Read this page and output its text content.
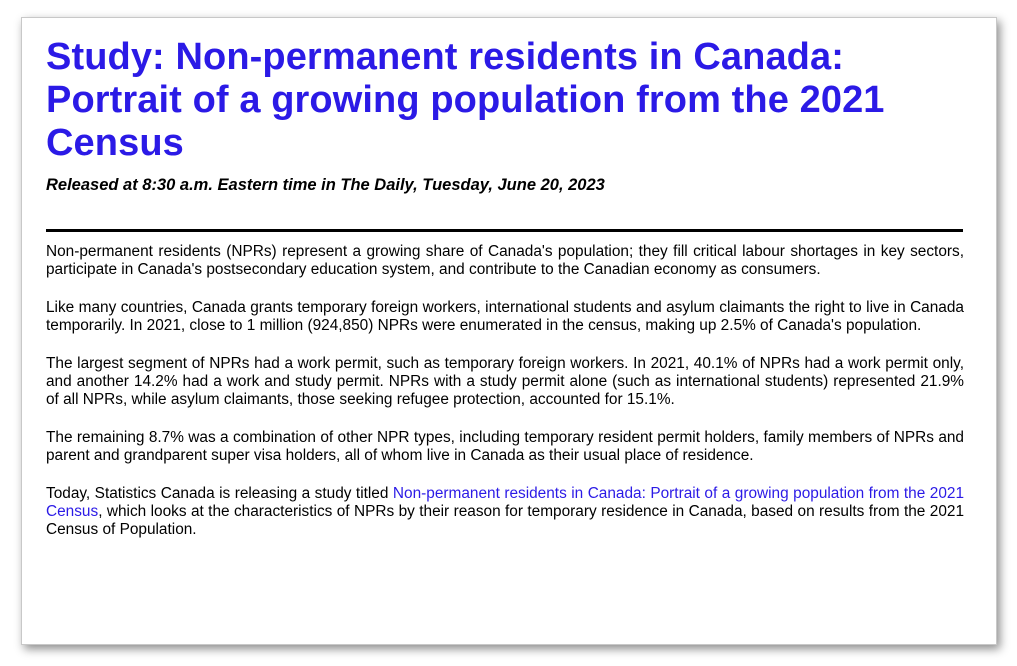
Study: Non-permanent residents in Canada: Portrait of a growing population from the 2021 Census
Released at 8:30 a.m. Eastern time in The Daily, Tuesday, June 20, 2023

Non-permanent residents (NPRs) represent a growing share of Canada's population; they fill critical labour shortages in key sectors, participate in Canada's postsecondary education system, and contribute to the Canadian economy as consumers.

Like many countries, Canada grants temporary foreign workers, international students and asylum claimants the right to live in Canada temporarily. In 2021, close to 1 million (924,850) NPRs were enumerated in the census, making up 2.5% of Canada's population.

The largest segment of NPRs had a work permit, such as temporary foreign workers. In 2021, 40.1% of NPRs had a work permit only, and another 14.2% had a work and study permit. NPRs with a study permit alone (such as international students) represented 21.9% of all NPRs, while asylum claimants, those seeking refugee protection, accounted for 15.1%.

The remaining 8.7% was a combination of other NPR types, including temporary resident permit holders, family members of NPRs and parent and grandparent super visa holders, all of whom live in Canada as their usual place of residence.

Today, Statistics Canada is releasing a study titled Non-permanent residents in Canada: Portrait of a growing population from the 2021 Census, which looks at the characteristics of NPRs by their reason for temporary residence in Canada, based on results from the 2021 Census of Population.
